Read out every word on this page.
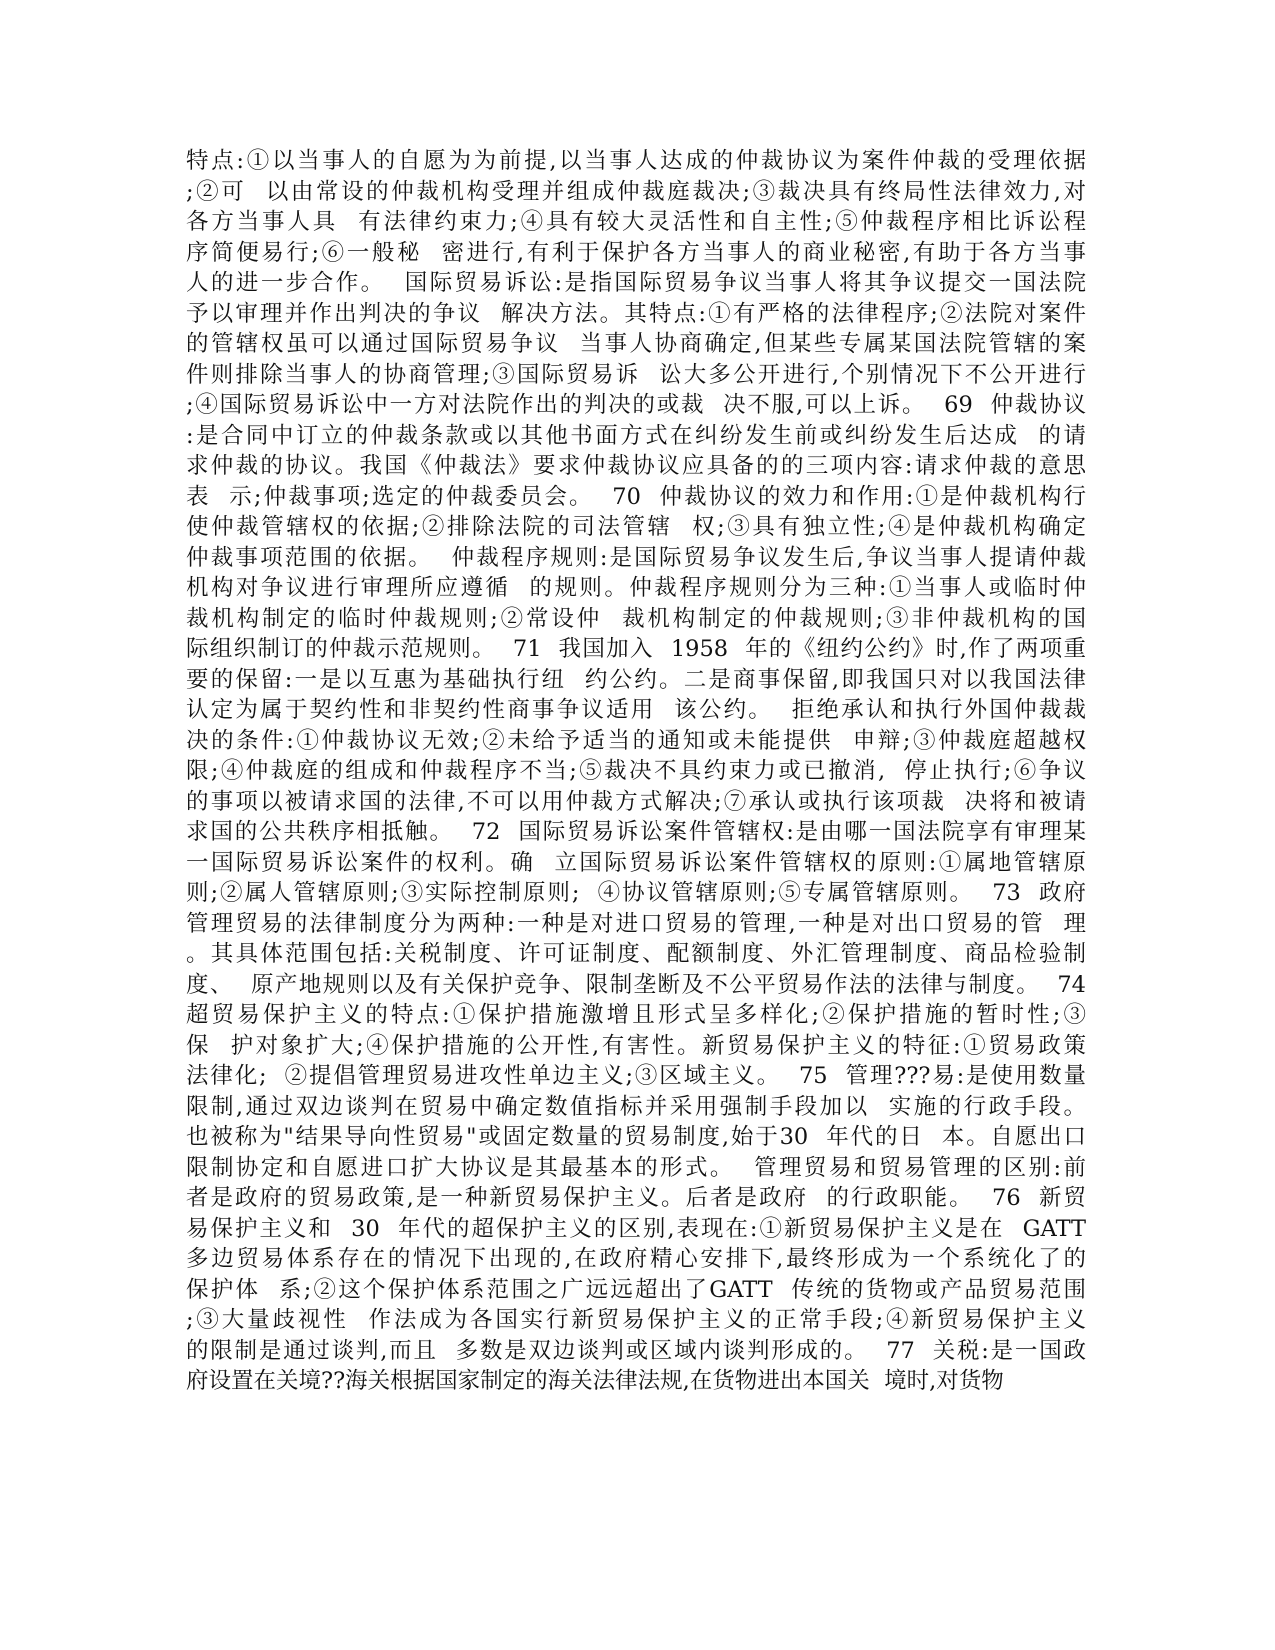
特点:①以当事人的自愿为为前提,以当事人达成的仲裁协议为案件仲裁的受理依据
;②可  以由常设的仲裁机构受理并组成仲裁庭裁决;③裁决具有终局性法律效力,对
各方当事人具  有法律约束力;④具有较大灵活性和自主性;⑤仲裁程序相比诉讼程
序简便易行;⑥一般秘  密进行,有利于保护各方当事人的商业秘密,有助于各方当事
人的进一步合作。  国际贸易诉讼:是指国际贸易争议当事人将其争议提交一国法院
予以审理并作出判决的争议  解决方法。其特点:①有严格的法律程序;②法院对案件
的管辖权虽可以通过国际贸易争议  当事人协商确定,但某些专属某国法院管辖的案
件则排除当事人的协商管理;③国际贸易诉  讼大多公开进行,个别情况下不公开进行
;④国际贸易诉讼中一方对法院作出的判决的或裁  决不服,可以上诉。  69  仲裁协议
:是合同中订立的仲裁条款或以其他书面方式在纠纷发生前或纠纷发生后达成  的请
求仲裁的协议。我国《仲裁法》要求仲裁协议应具备的的三项内容:请求仲裁的意思
表  示;仲裁事项;选定的仲裁委员会。  70  仲裁协议的效力和作用:①是仲裁机构行
使仲裁管辖权的依据;②排除法院的司法管辖  权;③具有独立性;④是仲裁机构确定
仲裁事项范围的依据。  仲裁程序规则:是国际贸易争议发生后,争议当事人提请仲裁
机构对争议进行审理所应遵循  的规则。仲裁程序规则分为三种:①当事人或临时仲
裁机构制定的临时仲裁规则;②常设仲  裁机构制定的仲裁规则;③非仲裁机构的国
际组织制订的仲裁示范规则。  71  我国加入  1958  年的《纽约公约》时,作了两项重
要的保留:一是以互惠为基础执行纽  约公约。二是商事保留,即我国只对以我国法律
认定为属于契约性和非契约性商事争议适用  该公约。  拒绝承认和执行外国仲裁裁
决的条件:①仲裁协议无效;②未给予适当的通知或未能提供  申辩;③仲裁庭超越权
限;④仲裁庭的组成和仲裁程序不当;⑤裁决不具约束力或已撤消,  停止执行;⑥争议
的事项以被请求国的法律,不可以用仲裁方式解决;⑦承认或执行该项裁  决将和被请
求国的公共秩序相抵触。  72  国际贸易诉讼案件管辖权:是由哪一国法院享有审理某
一国际贸易诉讼案件的权利。确  立国际贸易诉讼案件管辖权的原则:①属地管辖原
则;②属人管辖原则;③实际控制原则;  ④协议管辖原则;⑤专属管辖原则。  73  政府
管理贸易的法律制度分为两种:一种是对进口贸易的管理,一种是对出口贸易的管  理
。其具体范围包括:关税制度、许可证制度、配额制度、外汇管理制度、商品检验制
度、  原产地规则以及有关保护竞争、限制垄断及不公平贸易作法的法律与制度。  74
超贸易保护主义的特点:①保护措施激增且形式呈多样化;②保护措施的暂时性;③
保  护对象扩大;④保护措施的公开性,有害性。新贸易保护主义的特征:①贸易政策
法律化;  ②提倡管理贸易进攻性单边主义;③区域主义。  75  管理???易:是使用数量
限制,通过双边谈判在贸易中确定数值指标并采用强制手段加以  实施的行政手段。
也被称为"结果导向性贸易"或固定数量的贸易制度,始于30  年代的日  本。自愿出口
限制协定和自愿进口扩大协议是其最基本的形式。  管理贸易和贸易管理的区别:前
者是政府的贸易政策,是一种新贸易保护主义。后者是政府  的行政职能。  76  新贸
易保护主义和  30  年代的超保护主义的区别,表现在:①新贸易保护主义是在  GATT
多边贸易体系存在的情况下出现的,在政府精心安排下,最终形成为一个系统化了的
保护体  系;②这个保护体系范围之广远远超出了GATT  传统的货物或产品贸易范围
;③大量歧视性  作法成为各国实行新贸易保护主义的正常手段;④新贸易保护主义
的限制是通过谈判,而且  多数是双边谈判或区域内谈判形成的。  77  关税:是一国政
府设置在关境??海关根据国家制定的海关法律法规,在货物进出本国关  境时,对货物
